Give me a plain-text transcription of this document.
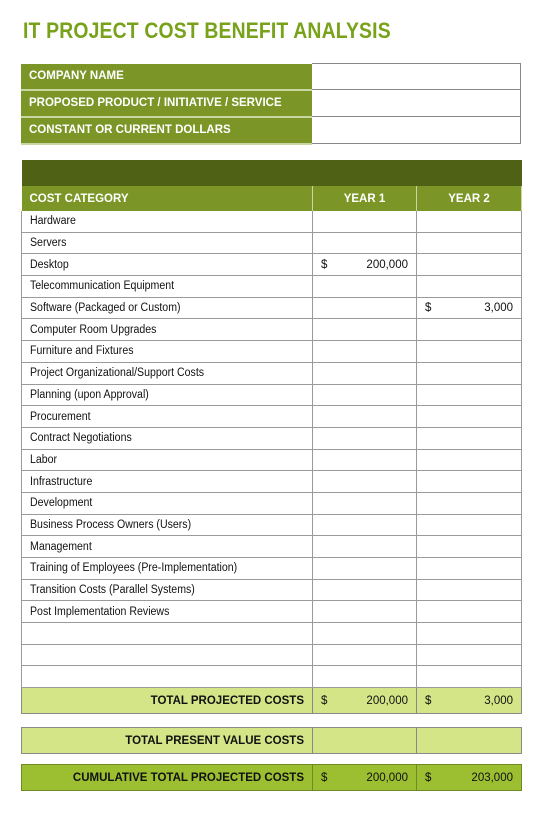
IT PROJECT COST BENEFIT ANALYSIS
COMPANY NAME	
PROPOSED PRODUCT / INITIATIVE / SERVICE	
CONSTANT OR CURRENT DOLLARS	

COST CATEGORY	YEAR 1	YEAR 2
Hardware	

Servers	

Desktop	$ 200,000	

Telecommunication Equipment	

Software (Packaged or Custom)		$ 3,000

Computer Room Upgrades	

Furniture and Fixtures	

Project Organizational/Support Costs	

Planning (upon Approval)	

Procurement	

Contract Negotiations	

Labor	

Infrastructure	

Development	

Business Process Owners (Users)	

Management	

Training of Employees (Pre-Implementation)	

Transition Costs (Parallel Systems)	

Post Implementation Reviews	

TOTAL PROJECTED COSTS	$ 200,000	$ 3,000
TOTAL PRESENT VALUE COSTS		
CUMULATIVE TOTAL PROJECTED COSTS	$	200,000	$	203,000
